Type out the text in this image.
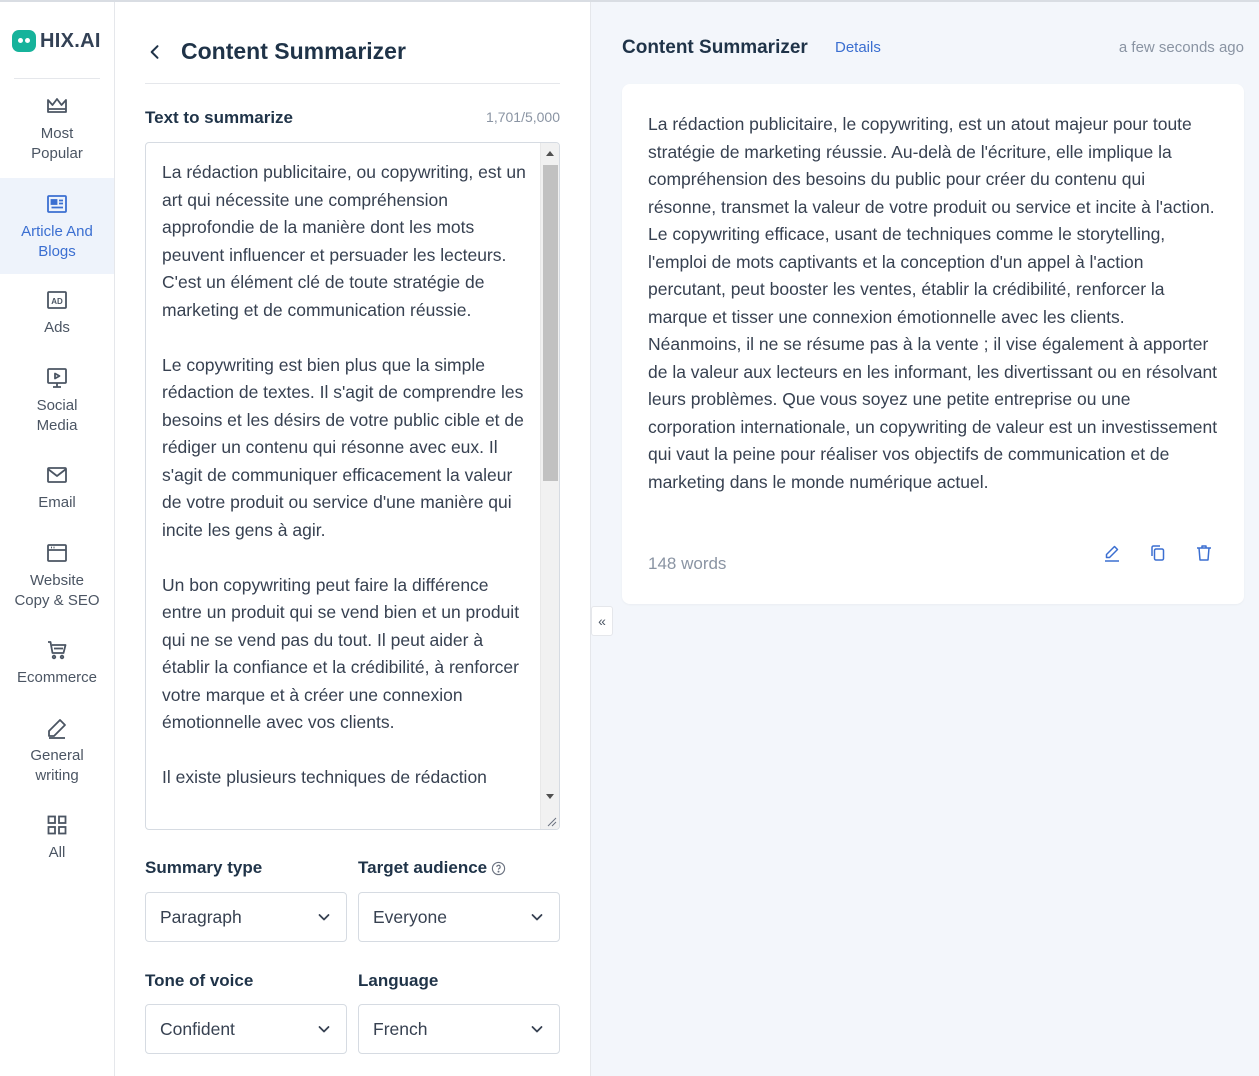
HIX.AI
Most
Popular
Article And
Blogs
AD
Ads
Social
Media
Email
Website
Copy & SEO
Ecommerce
General
writing
All
Content Summarizer
Text to summarize	1,701/5,000
La rédaction publicitaire, ou copywriting, est un art qui nécessite une compréhension approfondie de la manière dont les mots peuvent influencer et persuader les lecteurs. C'est un élément clé de toute stratégie de marketing et de communication réussie.

Le copywriting est bien plus que la simple rédaction de textes. Il s'agit de comprendre les besoins et les désirs de votre public cible et de rédiger un contenu qui résonne avec eux. Il s'agit de communiquer efficacement la valeur de votre produit ou service d'une manière qui incite les gens à agir.

Un bon copywriting peut faire la différence entre un produit qui se vend bien et un produit qui ne se vend pas du tout. Il peut aider à établir la confiance et la crédibilité, à renforcer votre marque et à créer une connexion émotionnelle avec vos clients.

Il existe plusieurs techniques de rédaction
Summary type	Target audience
Paragraph	Everyone
Tone of voice	Language
Confident	French
«
Content Summarizer Details	a few seconds ago
La rédaction publicitaire, le copywriting, est un atout majeur pour toute stratégie de marketing réussie. Au-delà de l'écriture, elle implique la compréhension des besoins du public pour créer du contenu qui résonne, transmet la valeur de votre produit ou service et incite à l'action. Le copywriting efficace, usant de techniques comme le storytelling, l'emploi de mots captivants et la conception d'un appel à l'action percutant, peut booster les ventes, établir la crédibilité, renforcer la marque et tisser une connexion émotionnelle avec les clients. Néanmoins, il ne se résume pas à la vente ; il vise également à apporter de la valeur aux lecteurs en les informant, les divertissant ou en résolvant leurs problèmes. Que vous soyez une petite entreprise ou une corporation internationale, un copywriting de valeur est un investissement qui vaut la peine pour réaliser vos objectifs de communication et de marketing dans le monde numérique actuel.
148 words
